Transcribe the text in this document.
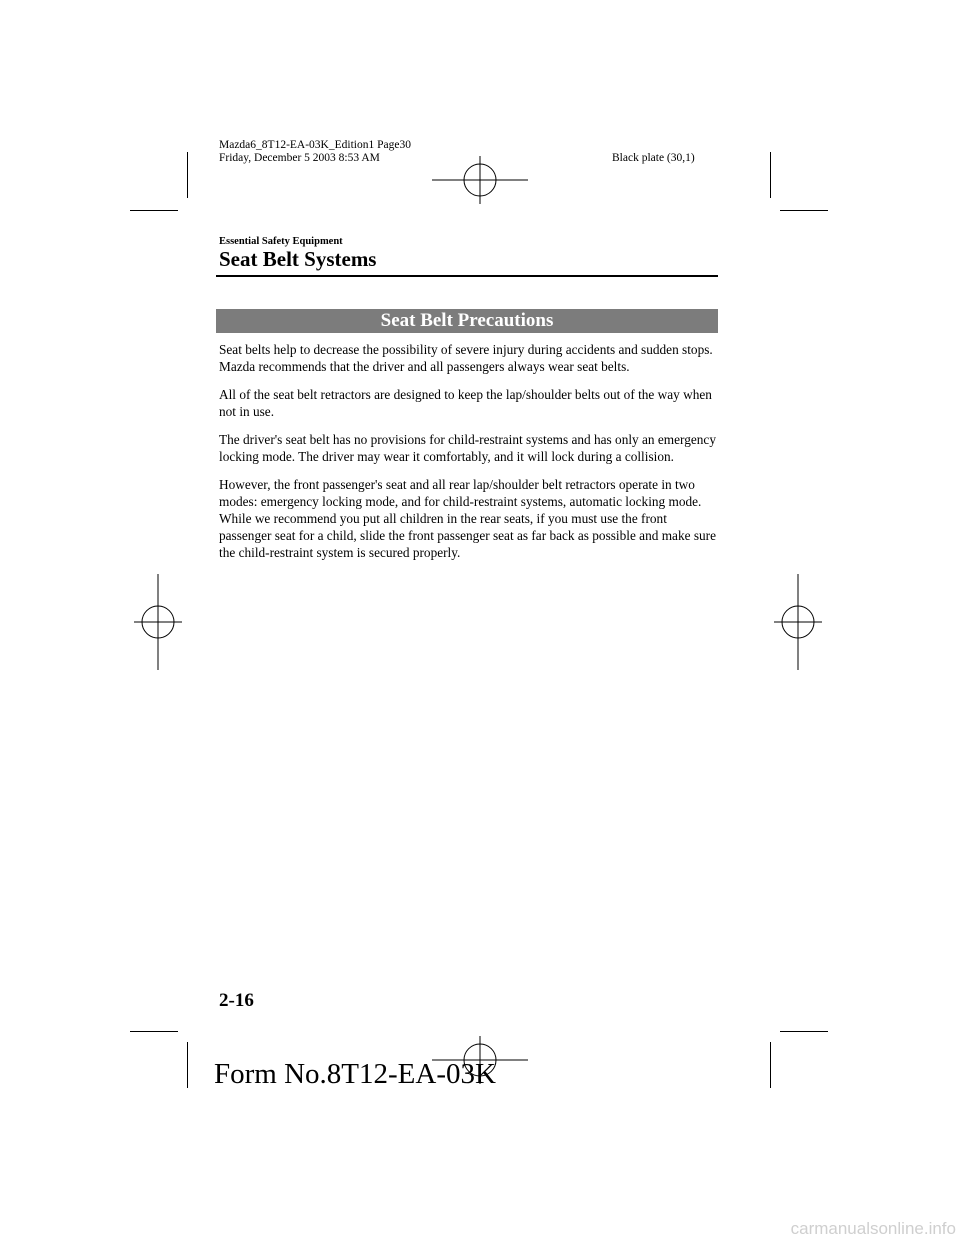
Mazda6_8T12-EA-03K_Edition1 Page30
Friday, December 5 2003 8:53 AM	Black plate (30,1)
Essential Safety Equipment
Seat Belt Systems
Seat Belt Precautions

Seat belts help to decrease the possibility of severe injury during accidents and sudden stops. Mazda recommends that the driver and all passengers always wear seat belts.

All of the seat belt retractors are designed to keep the lap/shoulder belts out of the way when not in use.

The driver's seat belt has no provisions for child-restraint systems and has only an emergency locking mode. The driver may wear it comfortably, and it will lock during a collision.

However, the front passenger's seat and all rear lap/shoulder belt retractors operate in two modes: emergency locking mode, and for child-restraint systems, automatic locking mode. While we recommend you put all children in the rear seats, if you must use the front passenger seat for a child, slide the front passenger seat as far back as possible and make sure the child-restraint system is secured properly.

2-16
Form No.8T12-EA-03K
carmanualsonline.info
